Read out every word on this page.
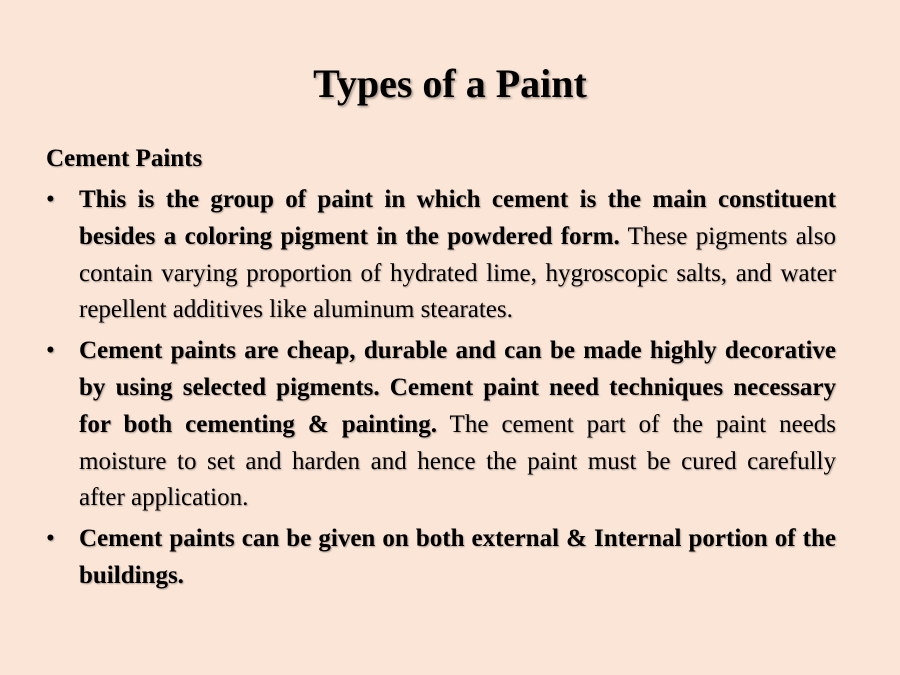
Types of a Paint
Cement Paints
• This is the group of paint in which cement is the main constituent besides a coloring pigment in the powdered form. These pigments also contain varying proportion of hydrated lime, hygroscopic salts, and water repellent additives like aluminum stearates.
• Cement paints are cheap, durable and can be made highly decorative by using selected pigments. Cement paint need techniques necessary for both cementing & painting. The cement part of the paint needs moisture to set and harden and hence the paint must be cured carefully after application.
• Cement paints can be given on both external & Internal portion of the buildings.
